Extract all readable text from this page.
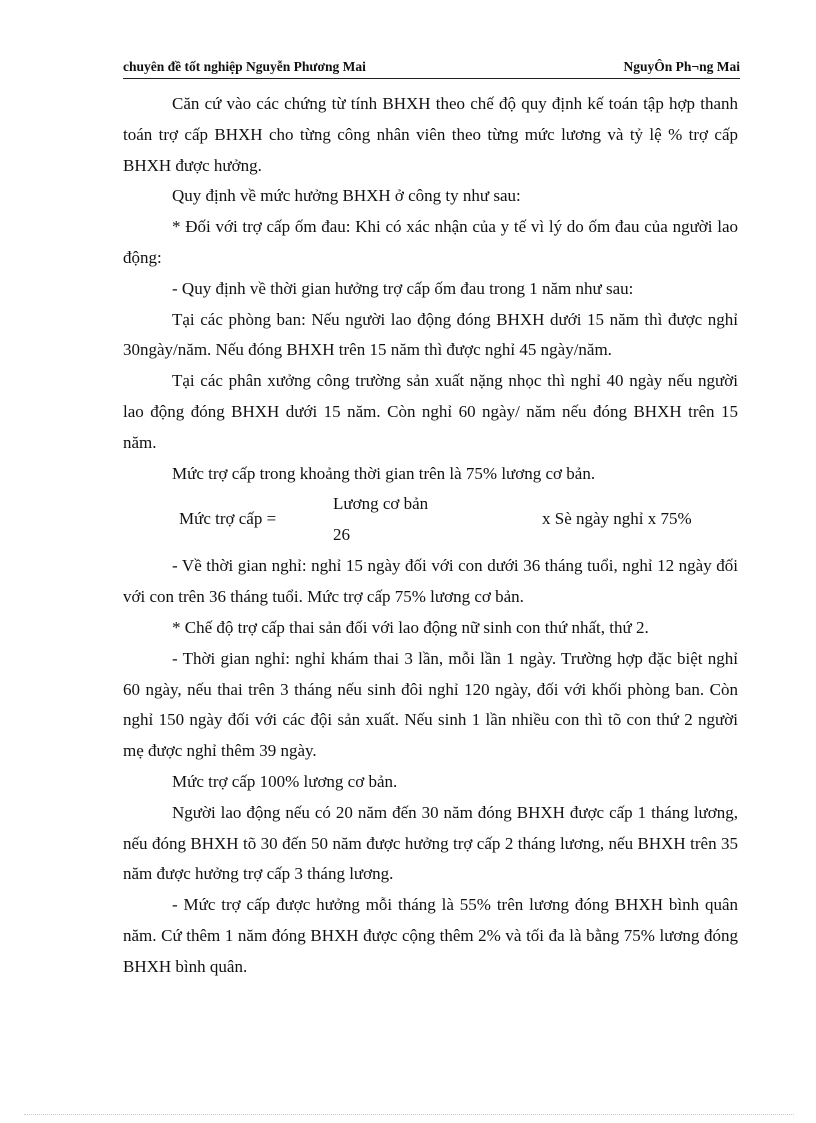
chuyên đề tốt nghiệp Nguyễn Phương Mai	NguyÔn Ph¬ng Mai

Căn cứ vào các chứng từ tính BHXH theo chế độ quy định kế toán tập hợp thanh toán trợ cấp BHXH cho từng công nhân viên theo từng mức lương và tỷ lệ % trợ cấp BHXH được hưởng.

Quy định về mức hưởng BHXH ở công ty như sau:

* Đối với trợ cấp ốm đau: Khi có xác nhận của y tế vì lý do ốm đau của người lao động:

- Quy định về thời gian hưởng trợ cấp ốm đau trong 1 năm như sau:

Tại các phòng ban: Nếu người lao động đóng BHXH dưới 15 năm thì được nghỉ 30ngày/năm. Nếu đóng BHXH trên 15 năm thì được nghỉ 45 ngày/năm.

Tại các phân xưởng công trường sản xuất nặng nhọc thì nghỉ 40 ngày nếu người lao động đóng BHXH dưới 15 năm. Còn nghỉ 60 ngày/ năm nếu đóng BHXH trên 15 năm.

Mức trợ cấp trong khoảng thời gian trên là 75% lương cơ bản.

Mức trợ cấp =
Lương cơ bản
26
x Sè ngày nghỉ x 75%

- Về thời gian nghỉ: nghỉ 15 ngày đối với con dưới 36 tháng tuổi, nghỉ 12 ngày đối với con trên 36 tháng tuổi. Mức trợ cấp 75% lương cơ bản.

* Chế độ trợ cấp thai sản đối với lao động nữ sinh con thứ nhất, thứ 2.

- Thời gian nghỉ: nghỉ khám thai 3 lần, mỗi lần 1 ngày. Trường hợp đặc biệt nghỉ 60 ngày, nếu thai trên 3 tháng nếu sinh đôi nghỉ 120 ngày, đối với khối phòng ban. Còn nghỉ 150 ngày đối với các đội sản xuất. Nếu sinh 1 lần nhiều con thì tõ con thứ 2 người mẹ được nghỉ thêm 39 ngày.

Mức trợ cấp 100% lương cơ bản.

Người lao động nếu có 20 năm đến 30 năm đóng BHXH được cấp 1 tháng lương, nếu đóng BHXH tõ 30 đến 50 năm được hưởng trợ cấp 2 tháng lương, nếu BHXH trên 35 năm được hưởng trợ cấp 3 tháng lương.

- Mức trợ cấp được hưởng mỗi tháng là 55% trên lương đóng BHXH bình quân năm. Cứ thêm 1 năm đóng BHXH được cộng thêm 2% và tối đa là bằng 75% lương đóng BHXH bình quân.
